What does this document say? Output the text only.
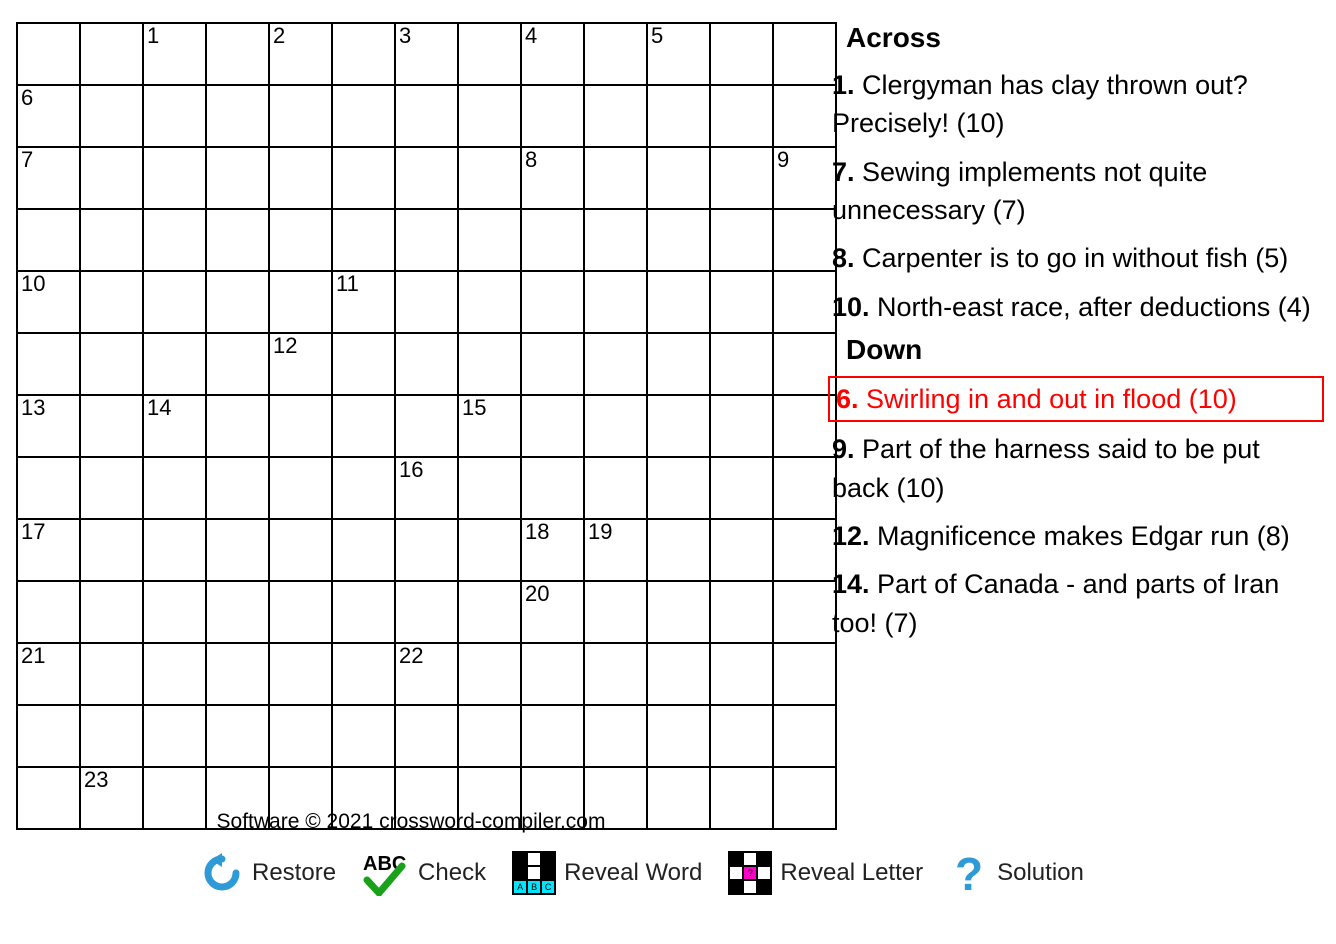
		1		2		3		4		5		

6												

7								8				9

10					11							

				12								

13		14					15					

						16						

17								18	19			

								20				

21						22						

	23											

Software © 2021 crossword-compiler.com
Restore ABC Check
A B C
Reveal Word	? Reveal Letter ? Solution
Across
1. Clergyman has clay thrown out? Precisely! (10)
7. Sewing implements not quite unnecessary (7)
8. Carpenter is to go in without fish (5)
10. North-east race, after deductions (4)
Down
6. Swirling in and out in flood (10)
9. Part of the harness said to be put back (10)
12. Magnificence makes Edgar run (8)
14. Part of Canada - and parts of Iran too! (7)
